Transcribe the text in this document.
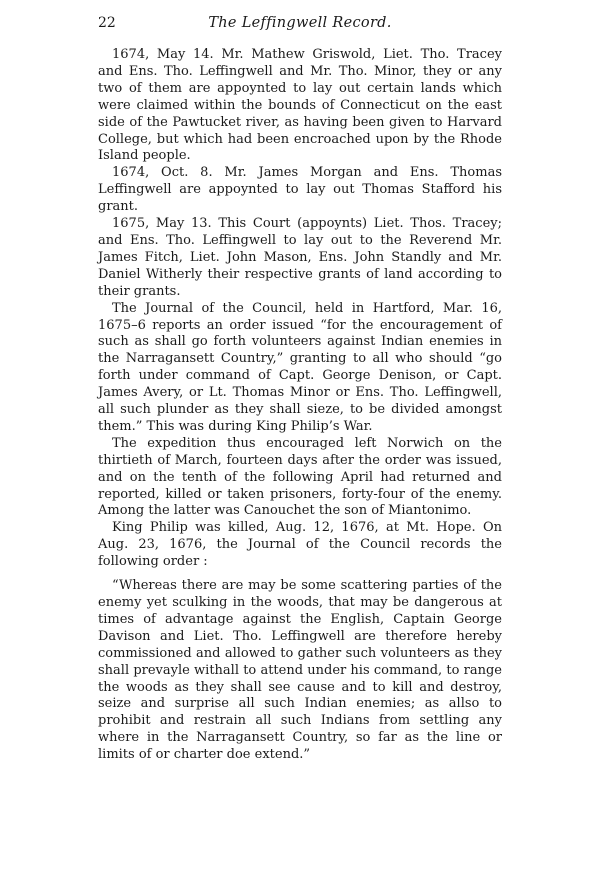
22	The Leffingwell Record.

1674, May 14. Mr. Mathew Griswold, Liet. Tho. Tracey and Ens. Tho. Leffingwell and Mr. Tho. Minor, they or any two of them are appoynted to lay out certain lands which were claimed within the bounds of Connecticut on the east side of the Pawtucket river, as having been given to Harvard College, but which had been encroached upon by the Rhode Island people.

1674, Oct. 8. Mr. James Morgan and Ens. Thomas Leffingwell are appoynted to lay out Thomas Stafford his grant.

1675, May 13. This Court (appoynts) Liet. Thos. Tracey; and Ens. Tho. Leffingwell to lay out to the Reverend Mr. James Fitch, Liet. John Mason, Ens. John Standly and Mr. Daniel Witherly their respective grants of land according to their grants.

The Journal of the Council, held in Hartford, Mar. 16, 1675–6 reports an order issued “for the encouragement of such as shall go forth volunteers against Indian enemies in the Narragansett Country,” granting to all who should “go forth under command of Capt. George Denison, or Capt. James Avery, or Lt. Thomas Minor or Ens. Tho. Leffingwell, all such plunder as they shall sieze, to be divided amongst them.” This was during King Philip’s War.

The expedition thus encouraged left Norwich on the thirtieth of March, fourteen days after the order was issued, and on the tenth of the following April had returned and reported, killed or taken prisoners, forty-four of the enemy. Among the latter was Canouchet the son of Miantonimo.

King Philip was killed, Aug. 12, 1676, at Mt. Hope. On Aug. 23, 1676, the Journal of the Council records the following order :

“Whereas there are may be some scattering parties of the enemy yet sculking in the woods, that may be dangerous at times of advantage against the English, Captain George Davison and Liet. Tho. Leffingwell are therefore hereby commissioned and allowed to gather such volunteers as they shall prevayle withall to attend under his command, to range the woods as they shall see cause and to kill and destroy, seize and surprise all such Indian enemies; as allso to prohibit and restrain all such Indians from settling any where in the Narragansett Country, so far as the line or limits of or charter doe extend.”
